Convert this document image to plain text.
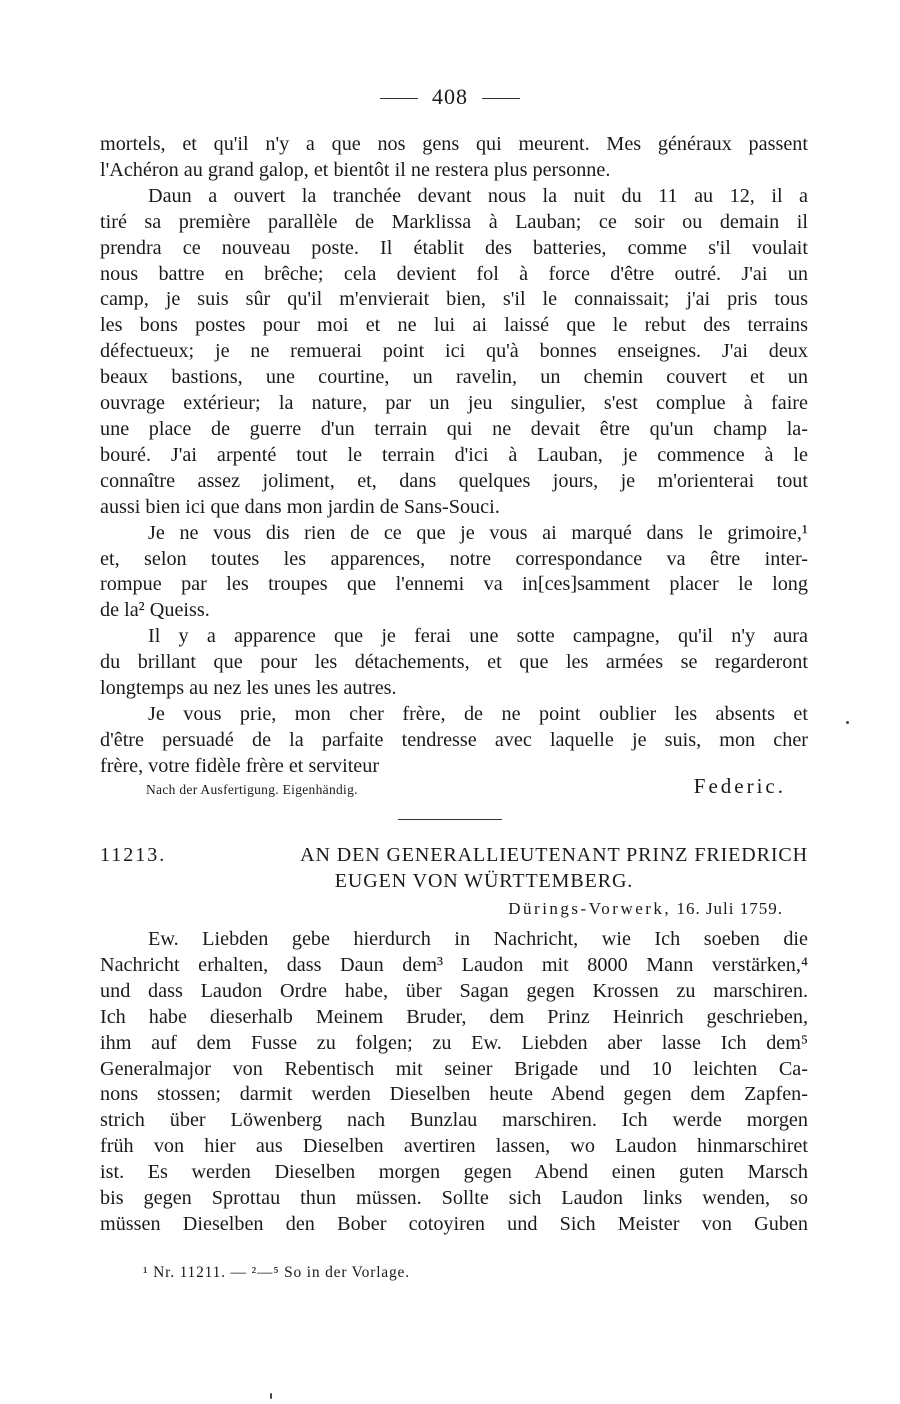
408

mortels, et qu'il n'y a que nos gens qui meurent. Mes généraux passent

l'Achéron au grand galop, et bientôt il ne restera plus personne.

Daun a ouvert la tranchée devant nous la nuit du 11 au 12, il a

tiré sa première parallèle de Marklissa à Lauban; ce soir ou demain il

prendra ce nouveau poste. Il établit des batteries, comme s'il voulait

nous battre en brêche; cela devient fol à force d'être outré. J'ai un

camp, je suis sûr qu'il m'envierait bien, s'il le connaissait; j'ai pris tous

les bons postes pour moi et ne lui ai laissé que le rebut des terrains

défectueux; je ne remuerai point ici qu'à bonnes enseignes. J'ai deux

beaux bastions, une courtine, un ravelin, un chemin couvert et un

ouvrage extérieur; la nature, par un jeu singulier, s'est complue à faire

une place de guerre d'un terrain qui ne devait être qu'un champ la-

bouré. J'ai arpenté tout le terrain d'ici à Lauban, je commence à le

connaître assez joliment, et, dans quelques jours, je m'orienterai tout

aussi bien ici que dans mon jardin de Sans-Souci.

Je ne vous dis rien de ce que je vous ai marqué dans le grimoire,¹

et, selon toutes les apparences, notre correspondance va être inter-

rompue par les troupes que l'ennemi va in[ces]samment placer le long

de la² Queiss.

Il y a apparence que je ferai une sotte campagne, qu'il n'y aura

du brillant que pour les détachements, et que les armées se regarderont

longtemps au nez les unes les autres.

Je vous prie, mon cher frère, de ne point oublier les absents et

d'être persuadé de la parfaite tendresse avec laquelle je suis, mon cher

frère, votre fidèle frère et serviteur

Nach der Ausfertigung. Eigenhändig.	Federic.
11213.	AN DEN GENERALLIEUTENANT PRINZ FRIEDRICH
EUGEN VON WÜRTTEMBERG.
Dürings-Vorwerk, 16. Juli 1759.

Ew. Liebden gebe hierdurch in Nachricht, wie Ich soeben die

Nachricht erhalten, dass Daun dem³ Laudon mit 8000 Mann verstärken,⁴

und dass Laudon Ordre habe, über Sagan gegen Krossen zu marschiren.

Ich habe dieserhalb Meinem Bruder, dem Prinz Heinrich geschrieben,

ihm auf dem Fusse zu folgen; zu Ew. Liebden aber lasse Ich dem⁵

Generalmajor von Rebentisch mit seiner Brigade und 10 leichten Ca-

nons stossen; darmit werden Dieselben heute Abend gegen dem Zapfen-

strich über Löwenberg nach Bunzlau marschiren. Ich werde morgen

früh von hier aus Dieselben avertiren lassen, wo Laudon hinmarschiret

ist. Es werden Dieselben morgen gegen Abend einen guten Marsch

bis gegen Sprottau thun müssen. Sollte sich Laudon links wenden, so

müssen Dieselben den Bober cotoyiren und Sich Meister von Guben

¹ Nr. 11211. — ²—⁵ So in der Vorlage.
